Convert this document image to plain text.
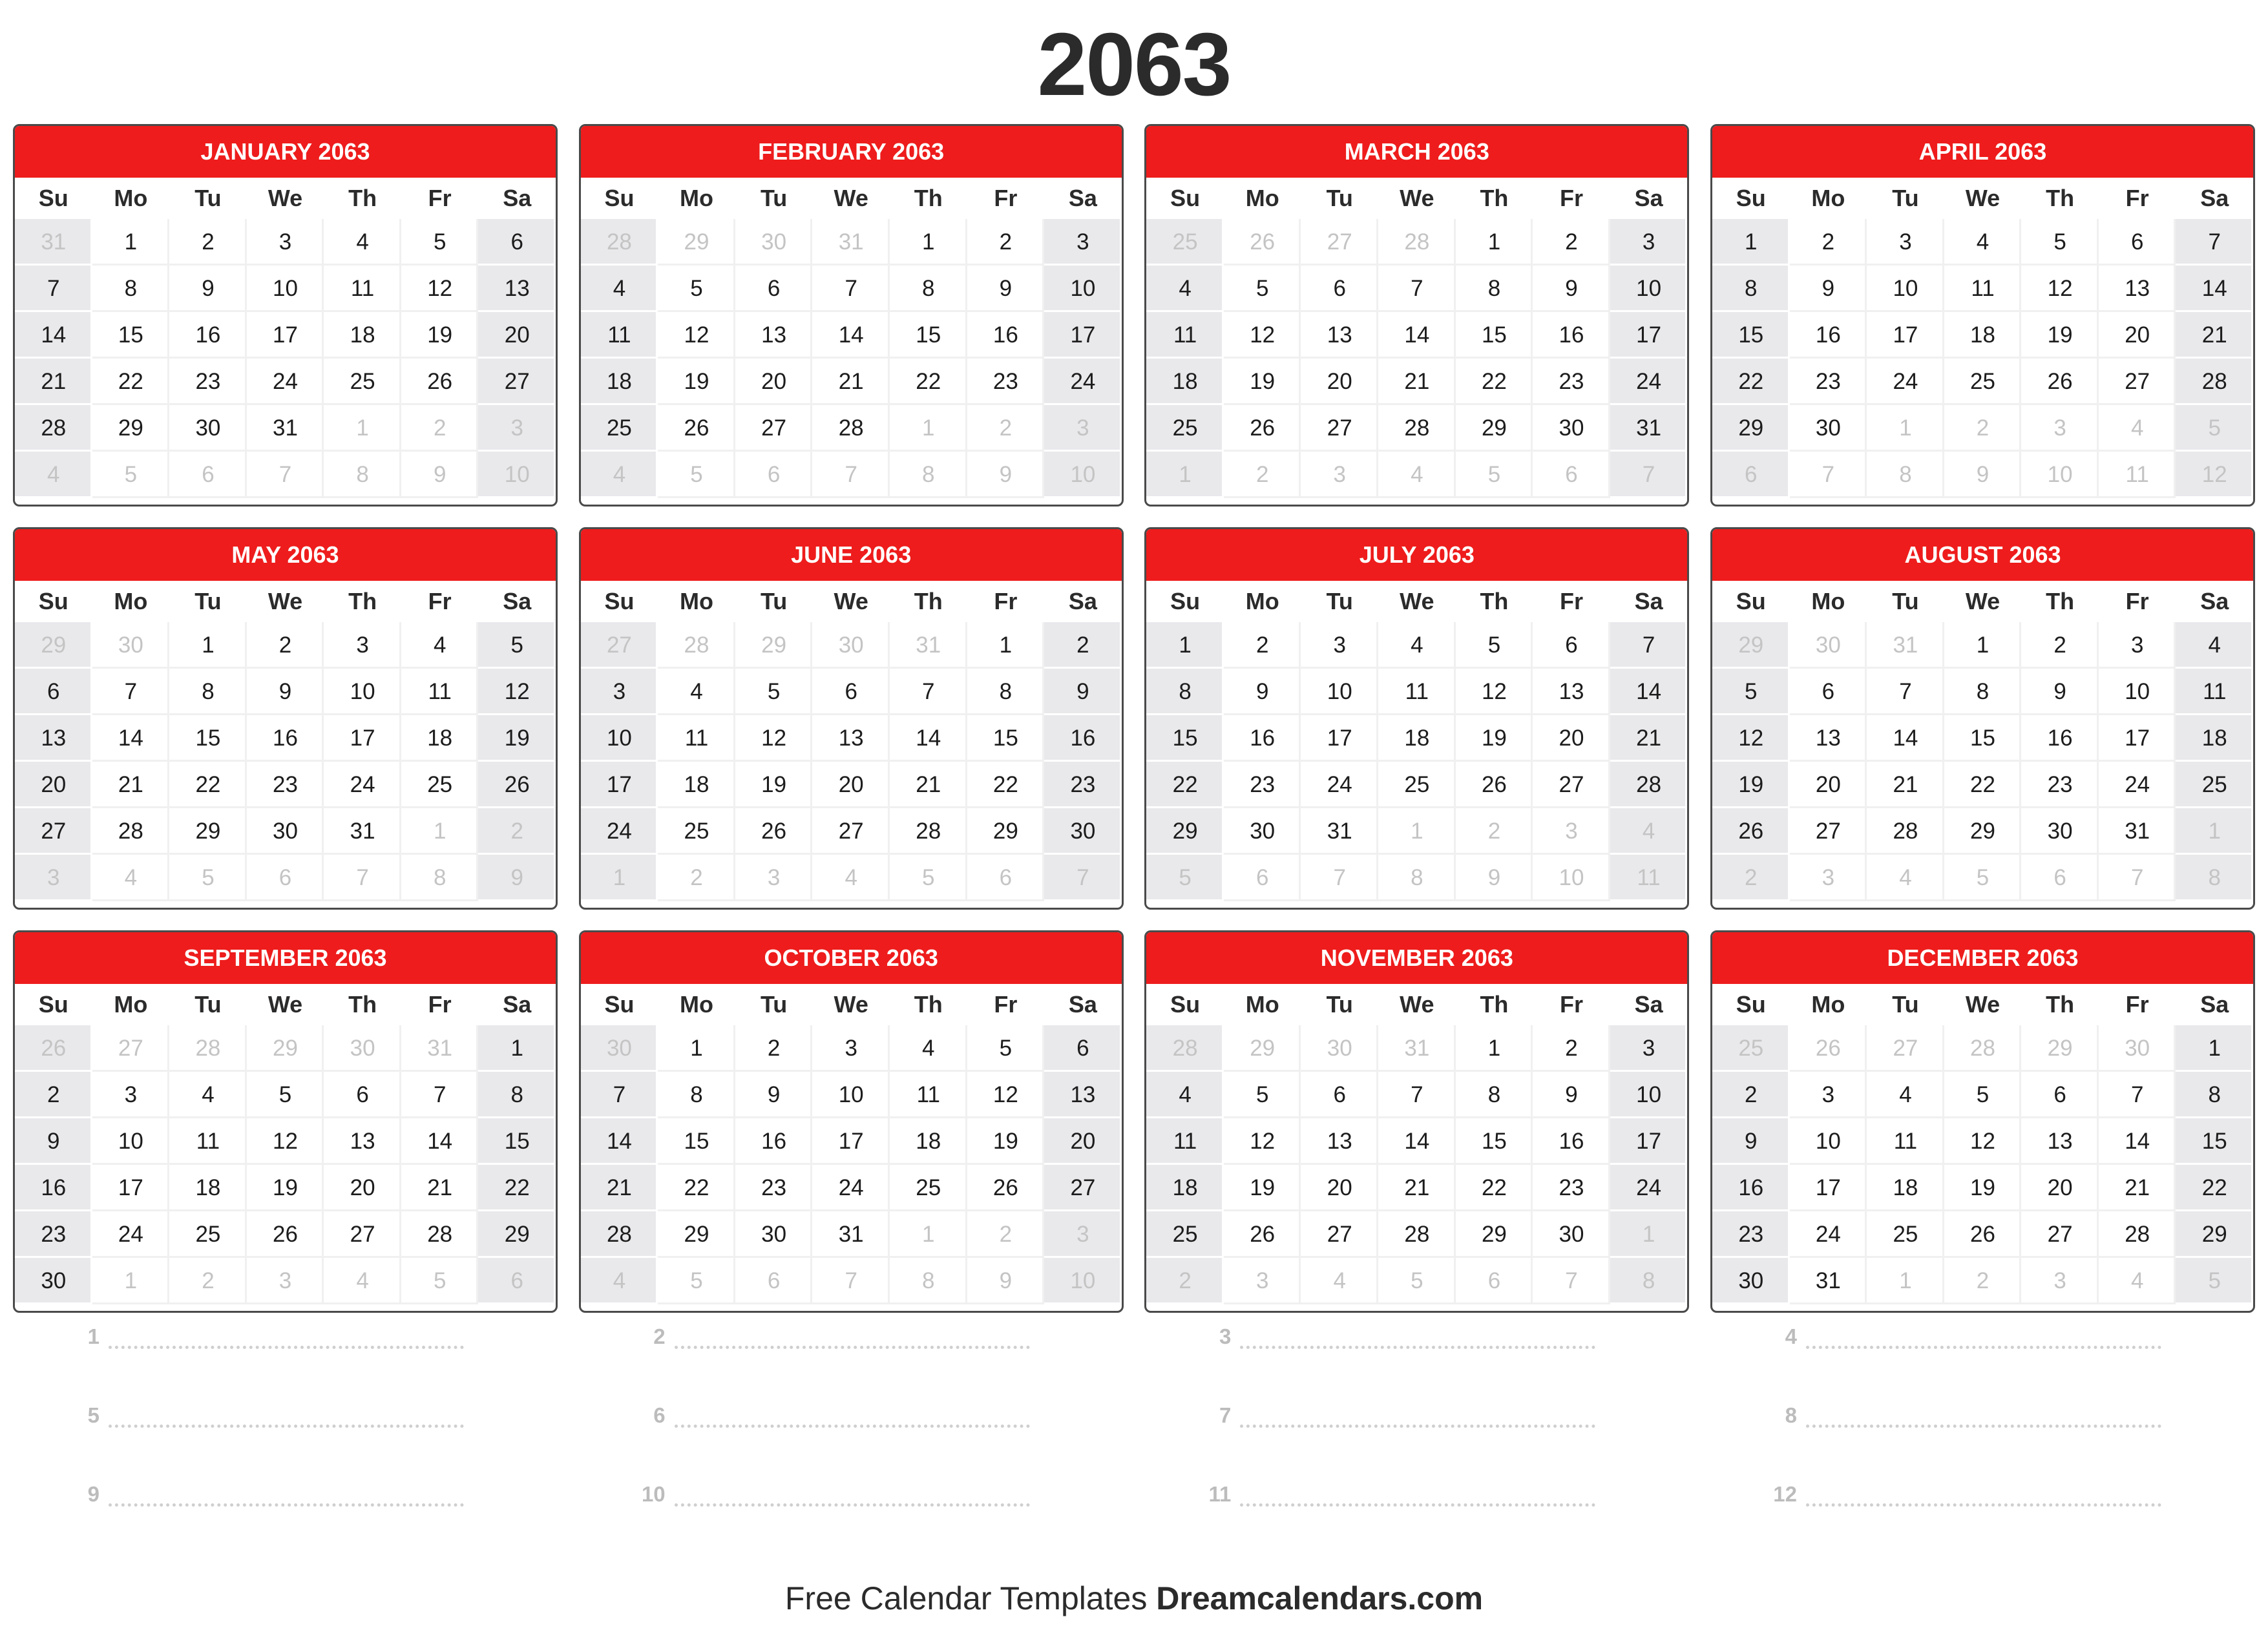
2063
JANUARY 2063
Su	Mo	Tu	We	Th	Fr	Sa
31	1	2	3	4	5	6
7	8	9	10	11	12	13
14	15	16	17	18	19	20
21	22	23	24	25	26	27
28	29	30	31	1	2	3
4	5	6	7	8	9	10
FEBRUARY 2063
Su	Mo	Tu	We	Th	Fr	Sa
28	29	30	31	1	2	3
4	5	6	7	8	9	10
11	12	13	14	15	16	17
18	19	20	21	22	23	24
25	26	27	28	1	2	3
4	5	6	7	8	9	10
MARCH 2063
Su	Mo	Tu	We	Th	Fr	Sa
25	26	27	28	1	2	3
4	5	6	7	8	9	10
11	12	13	14	15	16	17
18	19	20	21	22	23	24
25	26	27	28	29	30	31
1	2	3	4	5	6	7
APRIL 2063
Su	Mo	Tu	We	Th	Fr	Sa
1	2	3	4	5	6	7
8	9	10	11	12	13	14
15	16	17	18	19	20	21
22	23	24	25	26	27	28
29	30	1	2	3	4	5
6	7	8	9	10	11	12
MAY 2063
Su	Mo	Tu	We	Th	Fr	Sa
29	30	1	2	3	4	5
6	7	8	9	10	11	12
13	14	15	16	17	18	19
20	21	22	23	24	25	26
27	28	29	30	31	1	2
3	4	5	6	7	8	9
JUNE 2063
Su	Mo	Tu	We	Th	Fr	Sa
27	28	29	30	31	1	2
3	4	5	6	7	8	9
10	11	12	13	14	15	16
17	18	19	20	21	22	23
24	25	26	27	28	29	30
1	2	3	4	5	6	7
JULY 2063
Su	Mo	Tu	We	Th	Fr	Sa
1	2	3	4	5	6	7
8	9	10	11	12	13	14
15	16	17	18	19	20	21
22	23	24	25	26	27	28
29	30	31	1	2	3	4
5	6	7	8	9	10	11
AUGUST 2063
Su	Mo	Tu	We	Th	Fr	Sa
29	30	31	1	2	3	4
5	6	7	8	9	10	11
12	13	14	15	16	17	18
19	20	21	22	23	24	25
26	27	28	29	30	31	1
2	3	4	5	6	7	8
SEPTEMBER 2063
Su	Mo	Tu	We	Th	Fr	Sa
26	27	28	29	30	31	1
2	3	4	5	6	7	8
9	10	11	12	13	14	15
16	17	18	19	20	21	22
23	24	25	26	27	28	29
30	1	2	3	4	5	6
OCTOBER 2063
Su	Mo	Tu	We	Th	Fr	Sa
30	1	2	3	4	5	6
7	8	9	10	11	12	13
14	15	16	17	18	19	20
21	22	23	24	25	26	27
28	29	30	31	1	2	3
4	5	6	7	8	9	10
NOVEMBER 2063
Su	Mo	Tu	We	Th	Fr	Sa
28	29	30	31	1	2	3
4	5	6	7	8	9	10
11	12	13	14	15	16	17
18	19	20	21	22	23	24
25	26	27	28	29	30	1
2	3	4	5	6	7	8
DECEMBER 2063
Su	Mo	Tu	We	Th	Fr	Sa
25	26	27	28	29	30	1
2	3	4	5	6	7	8
9	10	11	12	13	14	15
16	17	18	19	20	21	22
23	24	25	26	27	28	29
30	31	1	2	3	4	5
1	2	3	4
5	6	7	8
9	10	11	12
Free Calendar Templates Dreamcalendars.com
